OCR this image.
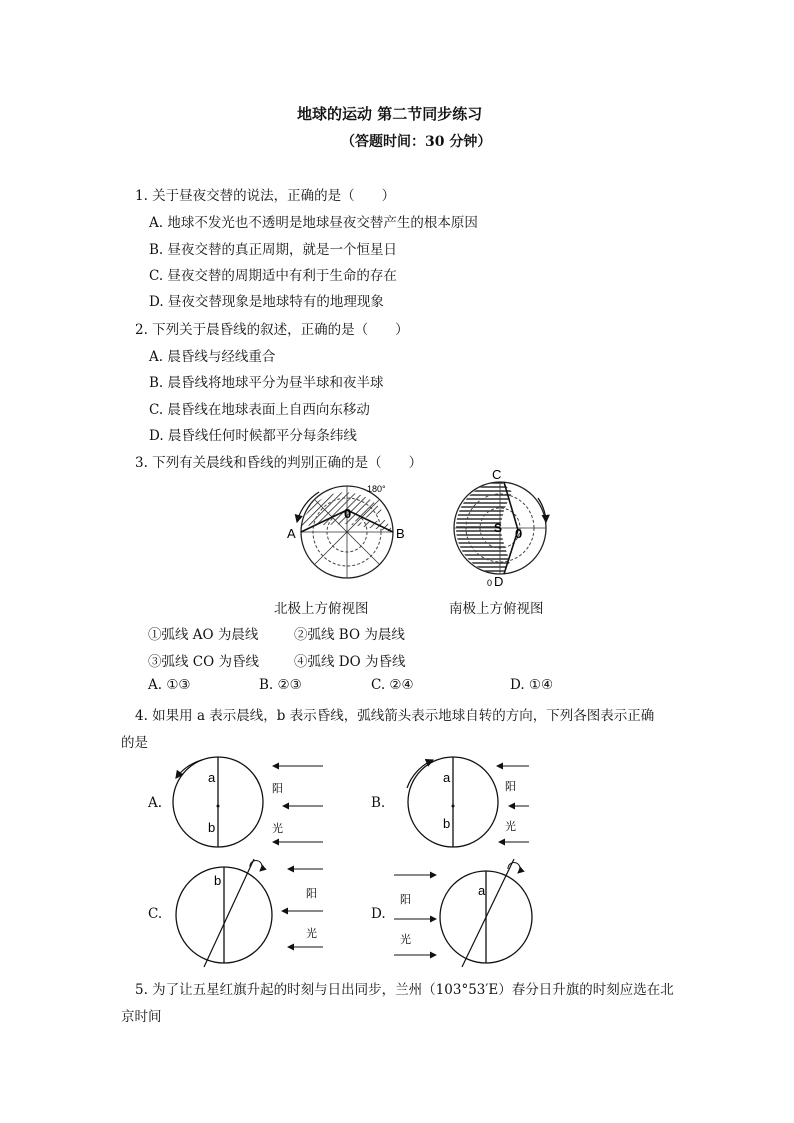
地球的运动 第二节同步练习
（答题时间：30 分钟）
1. 关于昼夜交替的说法，正确的是（　　）
A. 地球不发光也不透明是地球昼夜交替产生的根本原因
B. 昼夜交替的真正周期，就是一个恒星日
C. 昼夜交替的周期适中有利于生命的存在
D. 昼夜交替现象是地球特有的地理现象
2. 下列关于晨昏线的叙述，正确的是（　　）
A. 晨昏线与经线重合
B. 晨昏线将地球平分为昼半球和夜半球
C. 晨昏线在地球表面上自西向东移动
D. 晨昏线任何时候都平分每条纬线
3. 下列有关晨线和昏线的判别正确的是（　　）
A	B
180°
0
C
D
0
S 0
北极上方俯视图	南极上方俯视图
①弧线 AO 为晨线	②弧线 BO 为晨线
③弧线 CO 为昏线	④弧线 DO 为昏线
A. ①③	B. ②③	C. ②④	D. ①④
4. 如果用 a 表示晨线，b 表示昏线，弧线箭头表示地球自转的方向，下列各图表示正确
的是
A.
a
b
阳
光
B.
a
b
阳
光
C.
b
阳
光
D.
阳
光
a
5. 为了让五星红旗升起的时刻与日出同步，兰州（103°53′E）春分日升旗的时刻应选在北
京时间
